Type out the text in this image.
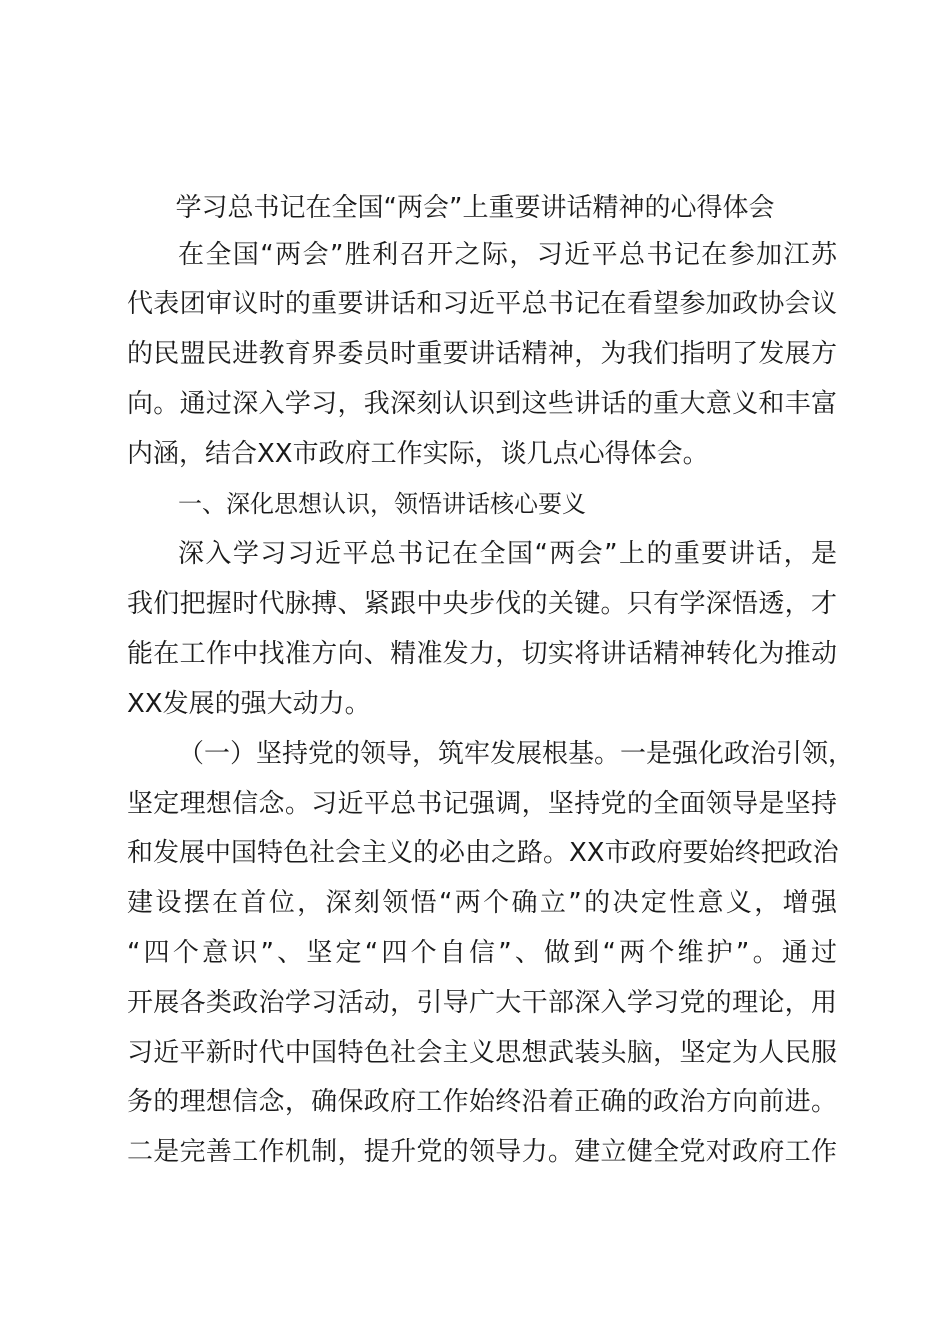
学习总书记在全国“两会”上重要讲话精神的心得体会
在全国“两会”胜利召开之际，习近平总书记在参加江苏
代表团审议时的重要讲话和习近平总书记在看望参加政协会议
的民盟民进教育界委员时重要讲话精神，为我们指明了发展方
向。通过深入学习，我深刻认识到这些讲话的重大意义和丰富
内涵，结合XX市政府工作实际，谈几点心得体会。
一、深化思想认识，领悟讲话核心要义
深入学习习近平总书记在全国“两会”上的重要讲话，是
我们把握时代脉搏、紧跟中央步伐的关键。只有学深悟透，才
能在工作中找准方向、精准发力，切实将讲话精神转化为推动
XX发展的强大动力。
（一）坚持党的领导，筑牢发展根基。一是强化政治引领，
坚定理想信念。习近平总书记强调，坚持党的全面领导是坚持
和发展中国特色社会主义的必由之路。XX市政府要始终把政治
建设摆在首位，深刻领悟“两个确立”的决定性意义，增强
“四个意识”、坚定“四个自信”、做到“两个维护”。通过
开展各类政治学习活动，引导广大干部深入学习党的理论，用
习近平新时代中国特色社会主义思想武装头脑，坚定为人民服
务的理想信念，确保政府工作始终沿着正确的政治方向前进。
二是完善工作机制，提升党的领导力。建立健全党对政府工作
